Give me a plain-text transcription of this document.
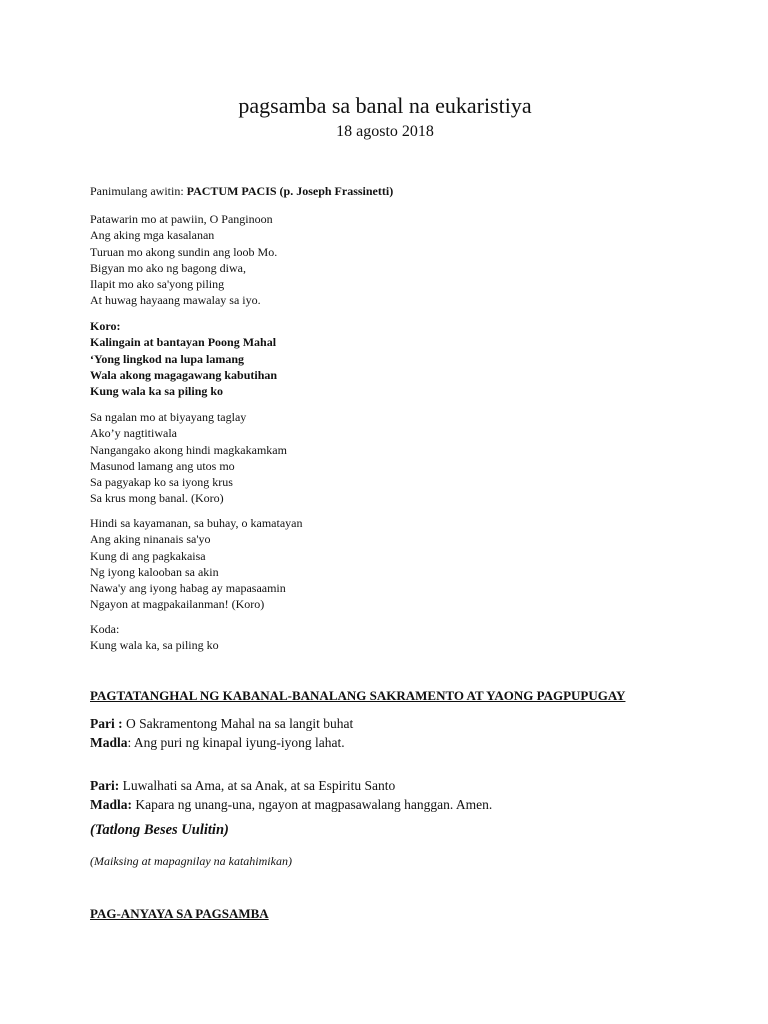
pagsamba sa banal na eukaristiya
18 agosto 2018
Panimulang awitin: PACTUM PACIS (p. Joseph Frassinetti)
Patawarin mo at pawiin, O Panginoon
Ang aking mga kasalanan
Turuan mo akong sundin ang loob Mo.
Bigyan mo ako ng bagong diwa,
Ilapit mo ako sa'yong piling
At huwag hayaang mawalay sa iyo.
Koro:
Kalingain at bantayan Poong Mahal
‘Yong lingkod na lupa lamang
Wala akong magagawang kabutihan
Kung wala ka sa piling ko
Sa ngalan mo at biyayang taglay
Ako’y nagtitiwala
Nangangako akong hindi magkakamkam
Masunod lamang ang utos mo
Sa pagyakap ko sa iyong krus
Sa krus mong banal. (Koro)
Hindi sa kayamanan, sa buhay, o kamatayan
Ang aking ninanais sa'yo
Kung di ang pagkakaisa
Ng iyong kalooban sa akin
Nawa'y ang iyong habag ay mapasaamin
Ngayon at magpakailanman! (Koro)
Koda:
Kung wala ka, sa piling ko
PAGTATANGHAL NG KABANAL-BANALANG SAKRAMENTO AT YAONG PAGPUPUGAY
Pari : O Sakramentong Mahal na sa langit buhat
Madla: Ang puri ng kinapal iyung-iyong lahat.
Pari: Luwalhati sa Ama, at sa Anak, at sa Espiritu Santo
Madla: Kapara ng unang-una, ngayon at magpasawalang hanggan. Amen.
(Tatlong Beses Uulitin)
(Maiksing at mapagnilay na katahimikan)
PAG-ANYAYA SA PAGSAMBA
